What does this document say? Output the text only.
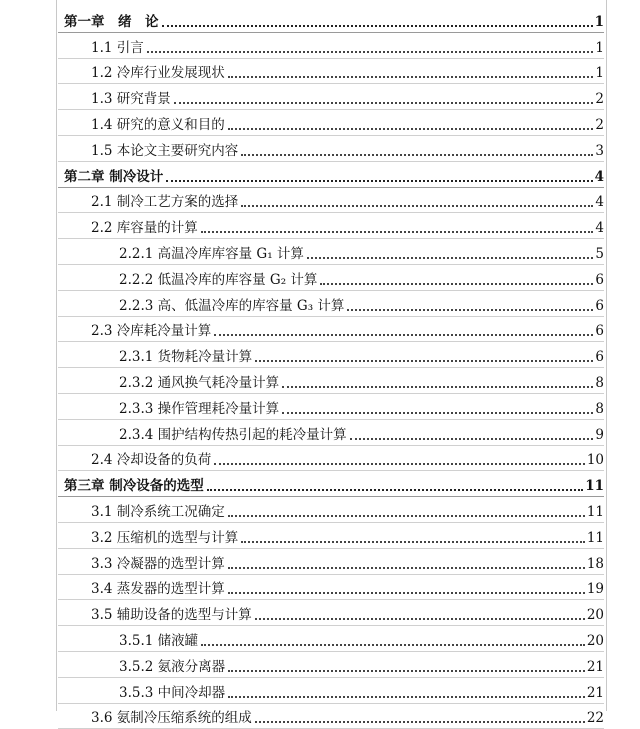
第一章　绪　论	1
1.1 引言	1
1.2 冷库行业发展现状	1
1.3 研究背景	2
1.4 研究的意义和目的	2
1.5 本论文主要研究内容	3
第二章 制冷设计	4
2.1 制冷工艺方案的选择	4
2.2 库容量的计算	4
2.2.1 高温冷库库容量 G₁ 计算	5
2.2.2 低温冷库的库容量 G₂ 计算	6
2.2.3 高、低温冷库的库容量 G₃ 计算	6
2.3 冷库耗冷量计算	6
2.3.1 货物耗冷量计算	6
2.3.2 通风换气耗冷量计算	8
2.3.3 操作管理耗冷量计算	8
2.3.4 围护结构传热引起的耗冷量计算	9
2.4 冷却设备的负荷	10
第三章 制冷设备的选型	11
3.1 制冷系统工况确定	11
3.2 压缩机的选型与计算	11
3.3 冷凝器的选型计算	18
3.4 蒸发器的选型计算	19
3.5 辅助设备的选型与计算	20
3.5.1 储液罐	20
3.5.2 氨液分离器	21
3.5.3 中间冷却器	21
3.6 氨制冷压缩系统的组成	22
